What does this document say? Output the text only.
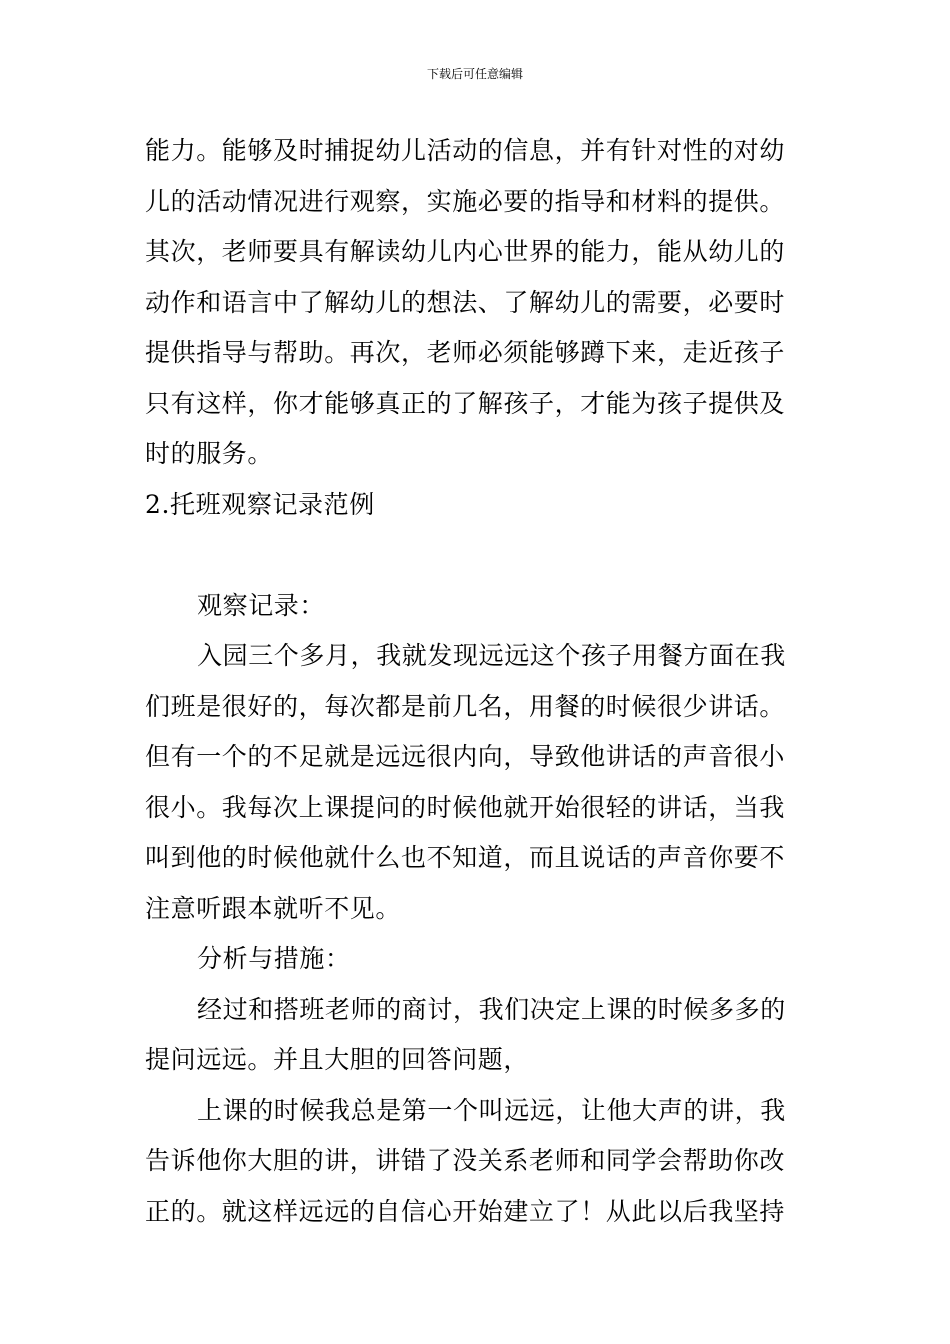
下载后可任意编辑
能力。能够及时捕捉幼儿活动的信息，并有针对性的对幼
儿的活动情况进行观察，实施必要的指导和材料的提供。
其次，老师要具有解读幼儿内心世界的能力，能从幼儿的
动作和语言中了解幼儿的想法、了解幼儿的需要，必要时
提供指导与帮助。再次，老师必须能够蹲下来，走近孩子
只有这样，你才能够真正的了解孩子，才能为孩子提供及
时的服务。
2.托班观察记录范例
观察记录：
入园三个多月，我就发现远远这个孩子用餐方面在我
们班是很好的，每次都是前几名，用餐的时候很少讲话。
但有一个的不足就是远远很内向，导致他讲话的声音很小
很小。我每次上课提问的时候他就开始很轻的讲话，当我
叫到他的时候他就什么也不知道，而且说话的声音你要不
注意听跟本就听不见。
分析与措施：
经过和搭班老师的商讨，我们决定上课的时候多多的
提问远远。并且大胆的回答问题，
上课的时候我总是第一个叫远远，让他大声的讲，我
告诉他你大胆的讲，讲错了没关系老师和同学会帮助你改
正的。就这样远远的自信心开始建立了！从此以后我坚持
